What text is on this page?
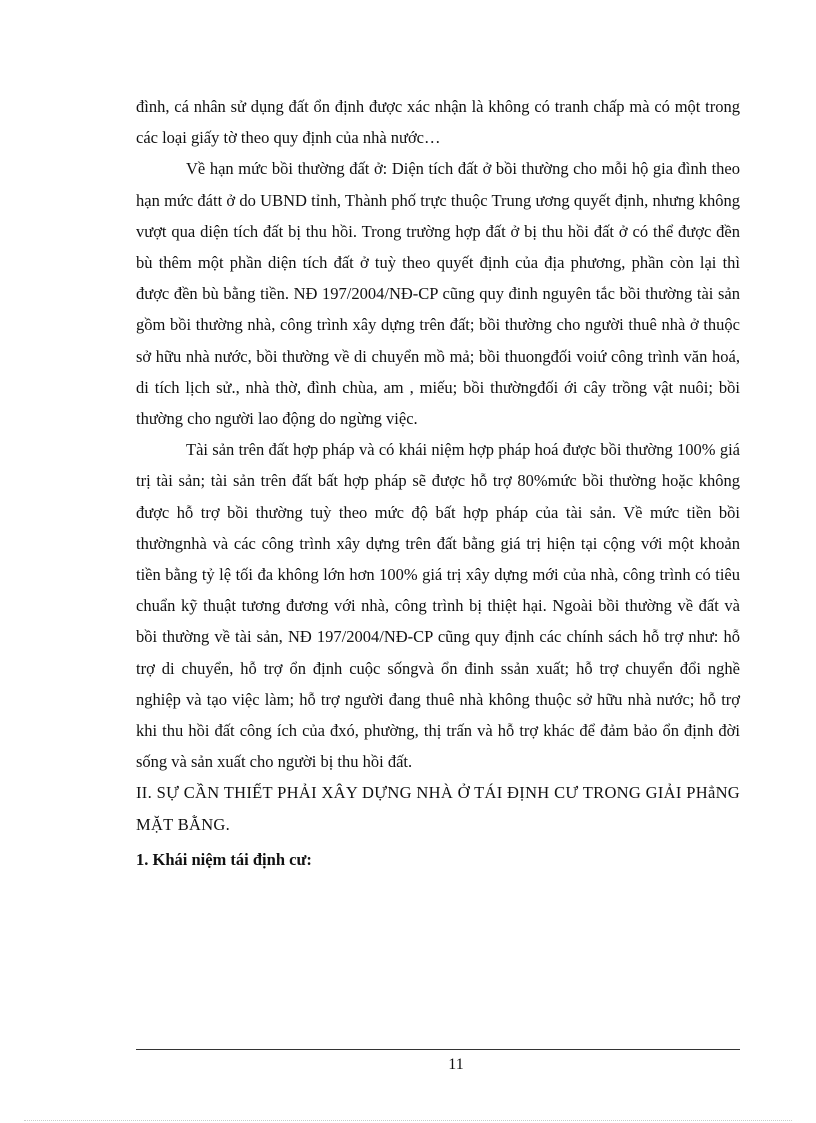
đình, cá nhân sử dụng đất ổn định được xác nhận là không có tranh chấp mà có một trong các loại giấy tờ theo quy định của nhà nước…

Về hạn mức bồi thường đất ở: Diện tích đất ở bồi thường cho mỗi hộ gia đình theo hạn mức đátt ở do UBND tỉnh, Thành phố trực thuộc Trung ương quyết định, nhưng không vượt qua diện tích đất bị thu hồi. Trong trường hợp đất ở bị thu hồi đất ở có thể được đền bù thêm một phần diện tích đất ở tuỳ theo quyết định của địa phương, phần còn lại thì được đền bù bằng tiền. NĐ 197/2004/NĐ-CP cũng quy đinh nguyên tắc bồi thường tài sản gồm bồi thường nhà, công trình xây dựng trên đất; bồi thường cho người thuê nhà ở thuộc sở hữu nhà nước, bồi thường về di chuyển mồ mả; bồi thuongđối voiứ công trình văn hoá, di tích lịch sử., nhà thờ, đình chùa, am , miếu; bồi thườngđối ới cây trồng vật nuôi; bồi thường cho người lao động do ngừng việc.

Tài sản trên đất hợp pháp và có khái niệm hợp pháp hoá được bồi thường 100% giá trị tài sản; tài sản trên đất bất hợp pháp sẽ được hỗ trợ 80%mức bồi thường hoặc không được hỗ trợ bồi thường tuỳ theo mức độ bất hợp pháp của tài sản. Về mức tiền bồi thườngnhà và các công trình xây dựng trên đất bằng giá trị hiện tại cộng với một khoản tiền bằng tỷ lệ tối đa không lớn hơn 100% giá trị xây dựng mới của nhà, công trình có tiêu chuẩn kỹ thuật tương đương với nhà, công trình bị thiệt hại. Ngoài bồi thường về đất và bồi thường về tài sản, NĐ 197/2004/NĐ-CP cũng quy định các chính sách hỗ trợ như: hỗ trợ di chuyển, hỗ trợ ổn định cuộc sốngvà ổn đinh ssản xuất; hỗ trợ chuyển đổi nghề nghiệp và tạo việc làm; hỗ trợ người đang thuê nhà không thuộc sở hữu nhà nước; hỗ trợ khi thu hồi đất công ích của đxó, phường, thị trấn và hỗ trợ khác để đảm bảo ổn định đời sống và sản xuất cho người bị thu hồi đất.

II. SỰ CẦN THIẾT PHẢI XÂY DỰNG NHÀ Ở TÁI ĐỊNH CƯ TRONG GIẢI PHẳNG MẶT BẰNG.

1. Khái niệm tái định cư:

11
